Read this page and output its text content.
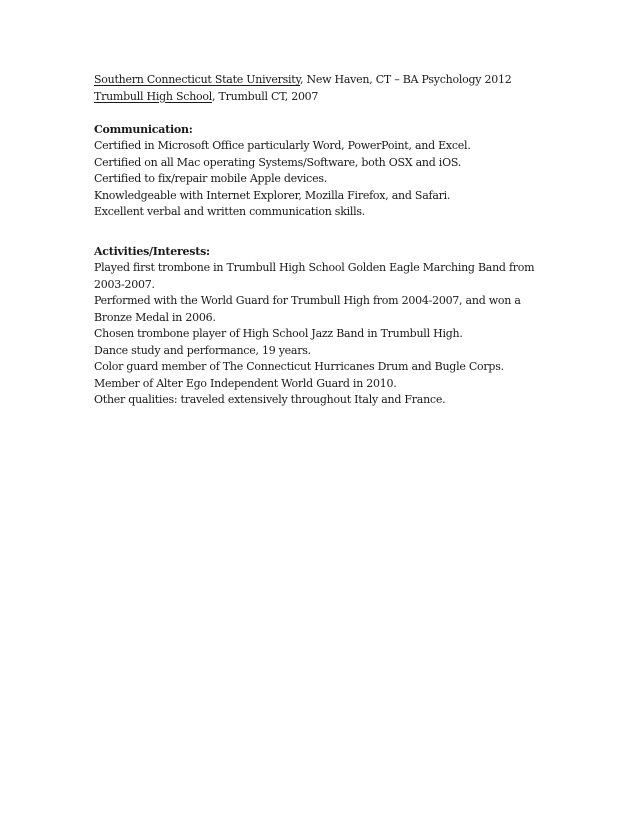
Southern Connecticut State University, New Haven, CT – BA Psychology 2012
Trumbull High School, Trumbull CT, 2007
Communication:
Certified in Microsoft Office particularly Word, PowerPoint, and Excel.
Certified on all Mac operating Systems/Software, both OSX and iOS.
Certified to fix/repair mobile Apple devices.
Knowledgeable with Internet Explorer, Mozilla Firefox, and Safari.
Excellent verbal and written communication skills.
Activities/Interests:
Played first trombone in Trumbull High School Golden Eagle Marching Band from
2003-2007.
Performed with the World Guard for Trumbull High from 2004-2007, and won a
Bronze Medal in 2006.
Chosen trombone player of High School Jazz Band in Trumbull High.
Dance study and performance, 19 years.
Color guard member of The Connecticut Hurricanes Drum and Bugle Corps.
Member of Alter Ego Independent World Guard in 2010.
Other qualities: traveled extensively throughout Italy and France.
